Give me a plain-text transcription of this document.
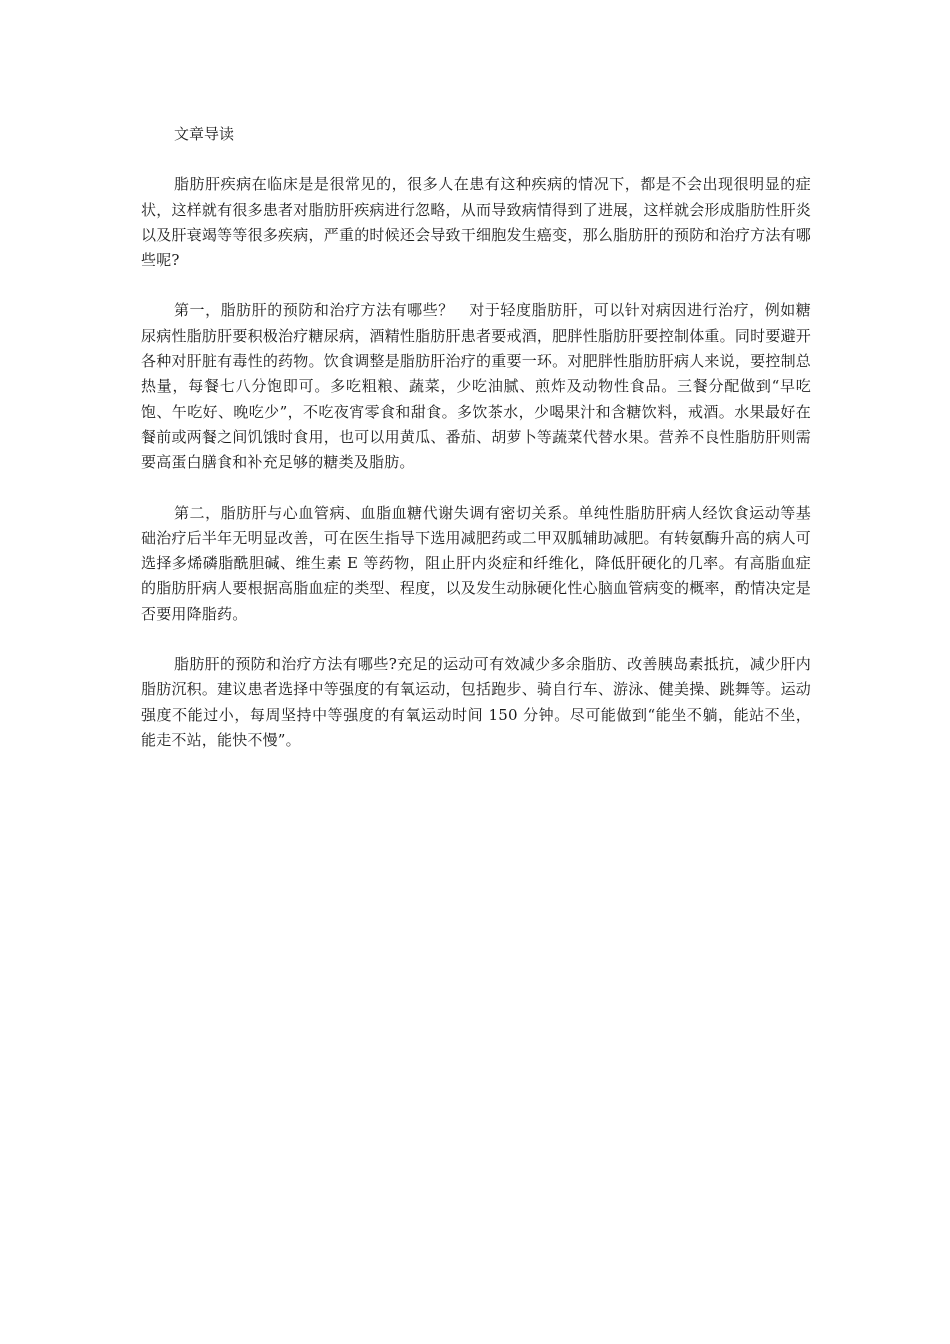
文章导读

脂肪肝疾病在临床是是很常见的，很多人在患有这种疾病的情况下，都是不会出现很明显的症状，这样就有很多患者对脂肪肝疾病进行忽略，从而导致病情得到了进展，这样就会形成脂肪性肝炎以及肝衰竭等等很多疾病，严重的时候还会导致干细胞发生癌变，那么脂肪肝的预防和治疗方法有哪些呢?

第一，脂肪肝的预防和治疗方法有哪些？　对于轻度脂肪肝，可以针对病因进行治疗，例如糖尿病性脂肪肝要积极治疗糖尿病，酒精性脂肪肝患者要戒酒，肥胖性脂肪肝要控制体重。同时要避开各种对肝脏有毒性的药物。饮食调整是脂肪肝治疗的重要一环。对肥胖性脂肪肝病人来说，要控制总热量，每餐七八分饱即可。多吃粗粮、蔬菜，少吃油腻、煎炸及动物性食品。三餐分配做到“早吃饱、午吃好、晚吃少”，不吃夜宵零食和甜食。多饮茶水，少喝果汁和含糖饮料，戒酒。水果最好在餐前或两餐之间饥饿时食用，也可以用黄瓜、番茄、胡萝卜等蔬菜代替水果。营养不良性脂肪肝则需要高蛋白膳食和补充足够的糖类及脂肪。

第二，脂肪肝与心血管病、血脂血糖代谢失调有密切关系。单纯性脂肪肝病人经饮食运动等基础治疗后半年无明显改善，可在医生指导下选用减肥药或二甲双胍辅助减肥。有转氨酶升高的病人可选择多烯磷脂酰胆碱、维生素 E 等药物，阻止肝内炎症和纤维化，降低肝硬化的几率。有高脂血症的脂肪肝病人要根据高脂血症的类型、程度，以及发生动脉硬化性心脑血管病变的概率，酌情决定是否要用降脂药。

脂肪肝的预防和治疗方法有哪些?充足的运动可有效减少多余脂肪、改善胰岛素抵抗，减少肝内脂肪沉积。建议患者选择中等强度的有氧运动，包括跑步、骑自行车、游泳、健美操、跳舞等。运动强度不能过小，每周坚持中等强度的有氧运动时间 150 分钟。尽可能做到“能坐不躺，能站不坐，能走不站，能快不慢”。
